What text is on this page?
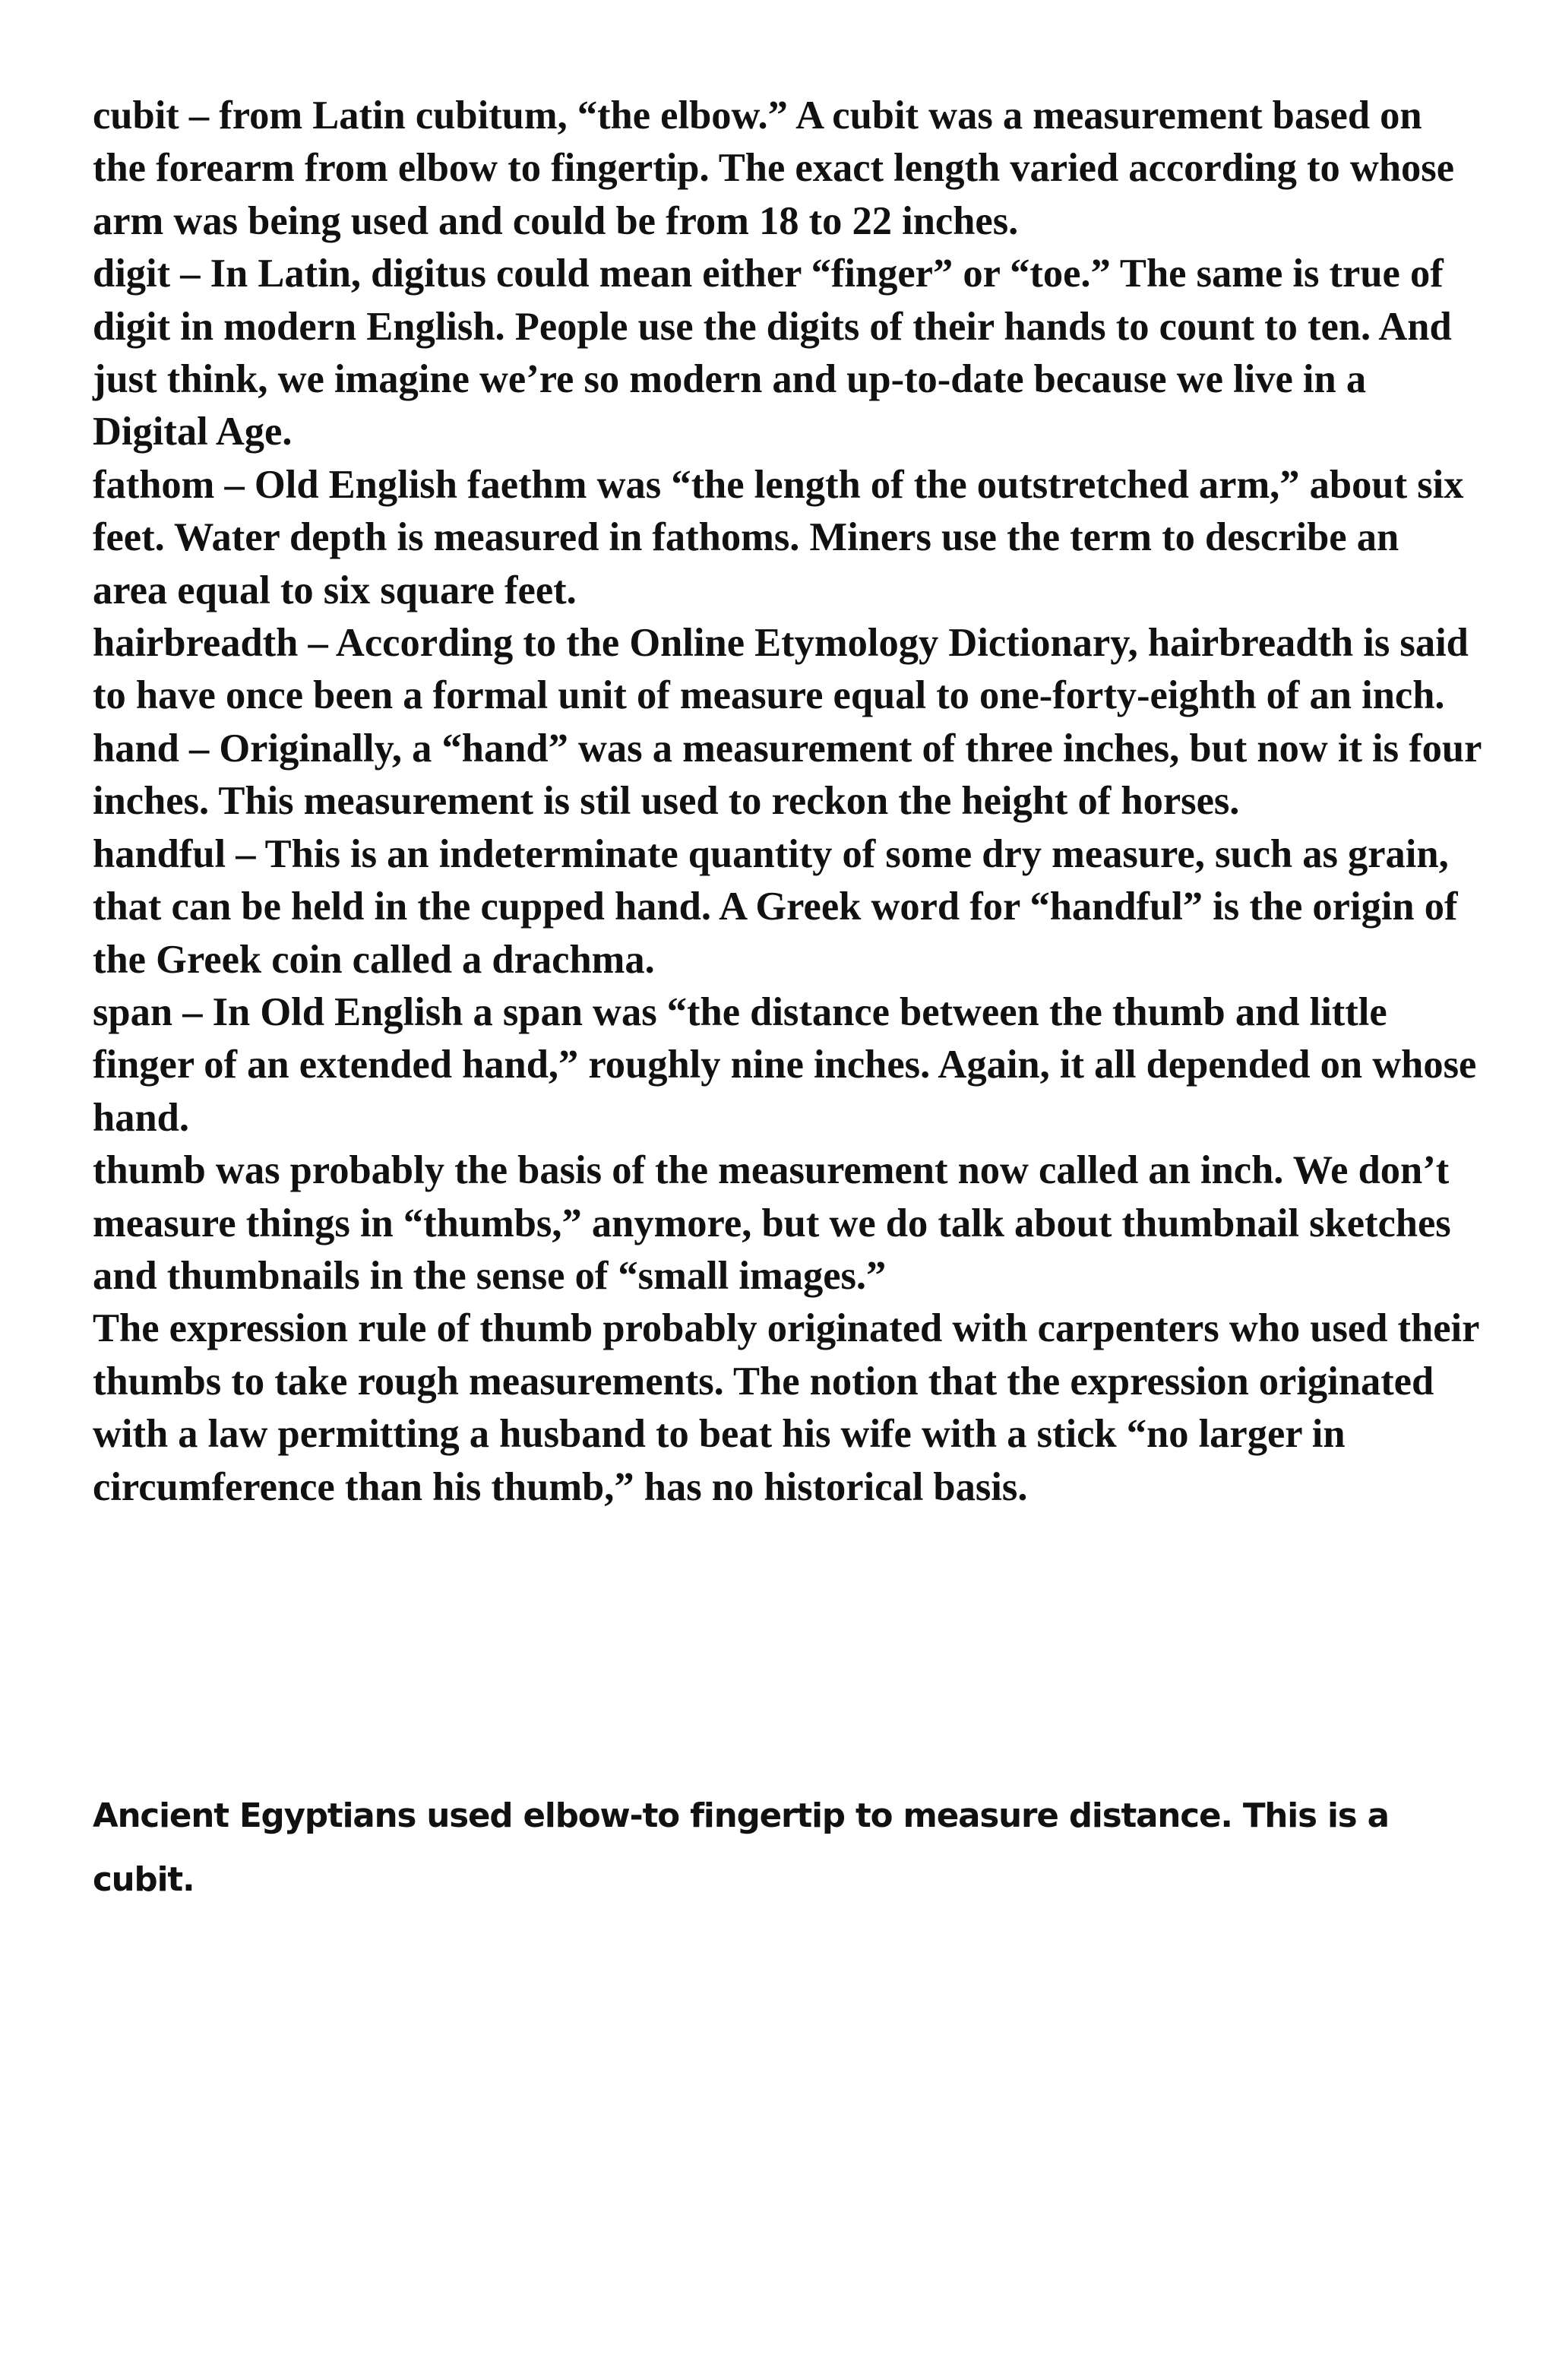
cubit – from Latin cubitum, “the elbow.” A cubit was a measurement based on the forearm from elbow to fingertip. The exact length varied according to whose arm was being used and could be from 18 to 22 inches.

digit – In Latin, digitus could mean either “finger” or “toe.” The same is true of digit in modern English. People use the digits of their hands to count to ten. And just think, we imagine we’re so modern and up-to-date because we live in a Digital Age.

fathom – Old English faethm was “the length of the outstretched arm,” about six feet. Water depth is measured in fathoms. Miners use the term to describe an area equal to six square feet.

hairbreadth – According to the Online Etymology Dictionary, hairbreadth is said to have once been a formal unit of measure equal to one-forty-eighth of an inch.

hand – Originally, a “hand” was a measurement of three inches, but now it is four inches. This measurement is stil used to reckon the height of horses.

handful – This is an indeterminate quantity of some dry measure, such as grain, that can be held in the cupped hand. A Greek word for “handful” is the origin of the Greek coin called a drachma.

span – In Old English a span was “the distance between the thumb and little finger of an extended hand,” roughly nine inches. Again, it all depended on whose hand.

thumb was probably the basis of the measurement now called an inch. We don’t measure things in “thumbs,” anymore, but we do talk about thumbnail sketches and thumbnails in the sense of “small images.”

The expression rule of thumb probably originated with carpenters who used their thumbs to take rough measurements. The notion that the expression originated with a law permitting a husband to beat his wife with a stick “no larger in circumference than his thumb,” has no historical basis.

Ancient Egyptians used elbow-to fingertip to measure distance. This is a cubit.
